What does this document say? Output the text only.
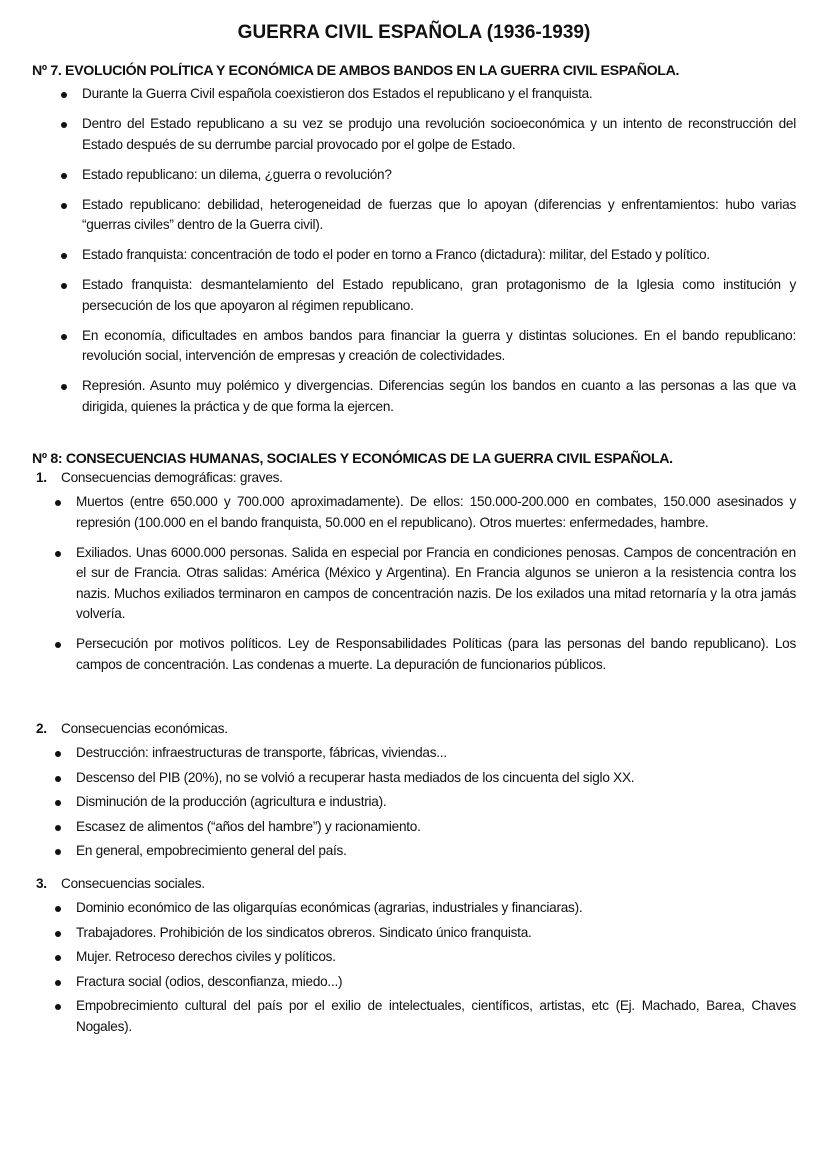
GUERRA CIVIL ESPAÑOLA (1936-1939)
Nº 7. EVOLUCIÓN POLÍTICA Y ECONÓMICA DE AMBOS BANDOS EN LA GUERRA CIVIL ESPAÑOLA.
Durante la Guerra Civil española coexistieron dos Estados el republicano y el franquista.
Dentro del Estado republicano a su vez se produjo una revolución socioeconómica y un intento de reconstrucción del Estado después de su derrumbe parcial provocado por el golpe de Estado.
Estado republicano: un dilema, ¿guerra o revolución?
Estado republicano: debilidad, heterogeneidad de fuerzas que lo apoyan (diferencias y enfrentamientos: hubo varias “guerras civiles” dentro de la Guerra civil).
Estado franquista: concentración de todo el poder en torno a Franco (dictadura): militar, del Estado y político.
Estado franquista: desmantelamiento del Estado republicano, gran protagonismo de la Iglesia como institución y persecución de los que apoyaron al régimen republicano.
En economía, dificultades en ambos bandos para financiar la guerra y distintas soluciones. En el bando republicano: revolución social, intervención de empresas y creación de colectividades.
Represión. Asunto muy polémico y divergencias. Diferencias según los bandos en cuanto a las personas a las que va dirigida, quienes la práctica y de que forma la ejercen.
Nº 8: CONSECUENCIAS HUMANAS, SOCIALES Y ECONÓMICAS DE LA GUERRA CIVIL ESPAÑOLA.
1. Consecuencias demográficas: graves.
Muertos (entre 650.000 y 700.000 aproximadamente). De ellos: 150.000-200.000 en combates, 150.000 asesinados y represión (100.000 en el bando franquista, 50.000 en el republicano). Otros muertes: enfermedades, hambre.
Exiliados. Unas 6000.000 personas. Salida en especial por Francia en condiciones penosas. Campos de concentración en el sur de Francia. Otras salidas: América (México y Argentina). En Francia algunos se unieron a la resistencia contra los nazis. Muchos exiliados terminaron en campos de concentración nazis. De los exilados una mitad retornaría y la otra jamás volvería.
Persecución por motivos políticos. Ley de Responsabilidades Políticas (para las personas del bando republicano). Los campos de concentración. Las condenas a muerte. La depuración de funcionarios públicos.
2. Consecuencias económicas.
Destrucción: infraestructuras de transporte, fábricas, viviendas...
Descenso del PIB (20%), no se volvió a recuperar hasta mediados de los cincuenta del siglo XX.
Disminución de la producción (agricultura e industria).
Escasez de alimentos (“años del hambre”) y racionamiento.
En general, empobrecimiento general del país.
3. Consecuencias sociales.
Dominio económico de las oligarquías económicas (agrarias, industriales y financiaras).
Trabajadores. Prohibición de los sindicatos obreros. Sindicato único franquista.
Mujer. Retroceso derechos civiles y políticos.
Fractura social (odios, desconfianza, miedo...)
Empobrecimiento cultural del país por el exilio de intelectuales, científicos, artistas, etc (Ej. Machado, Barea, Chaves Nogales).
